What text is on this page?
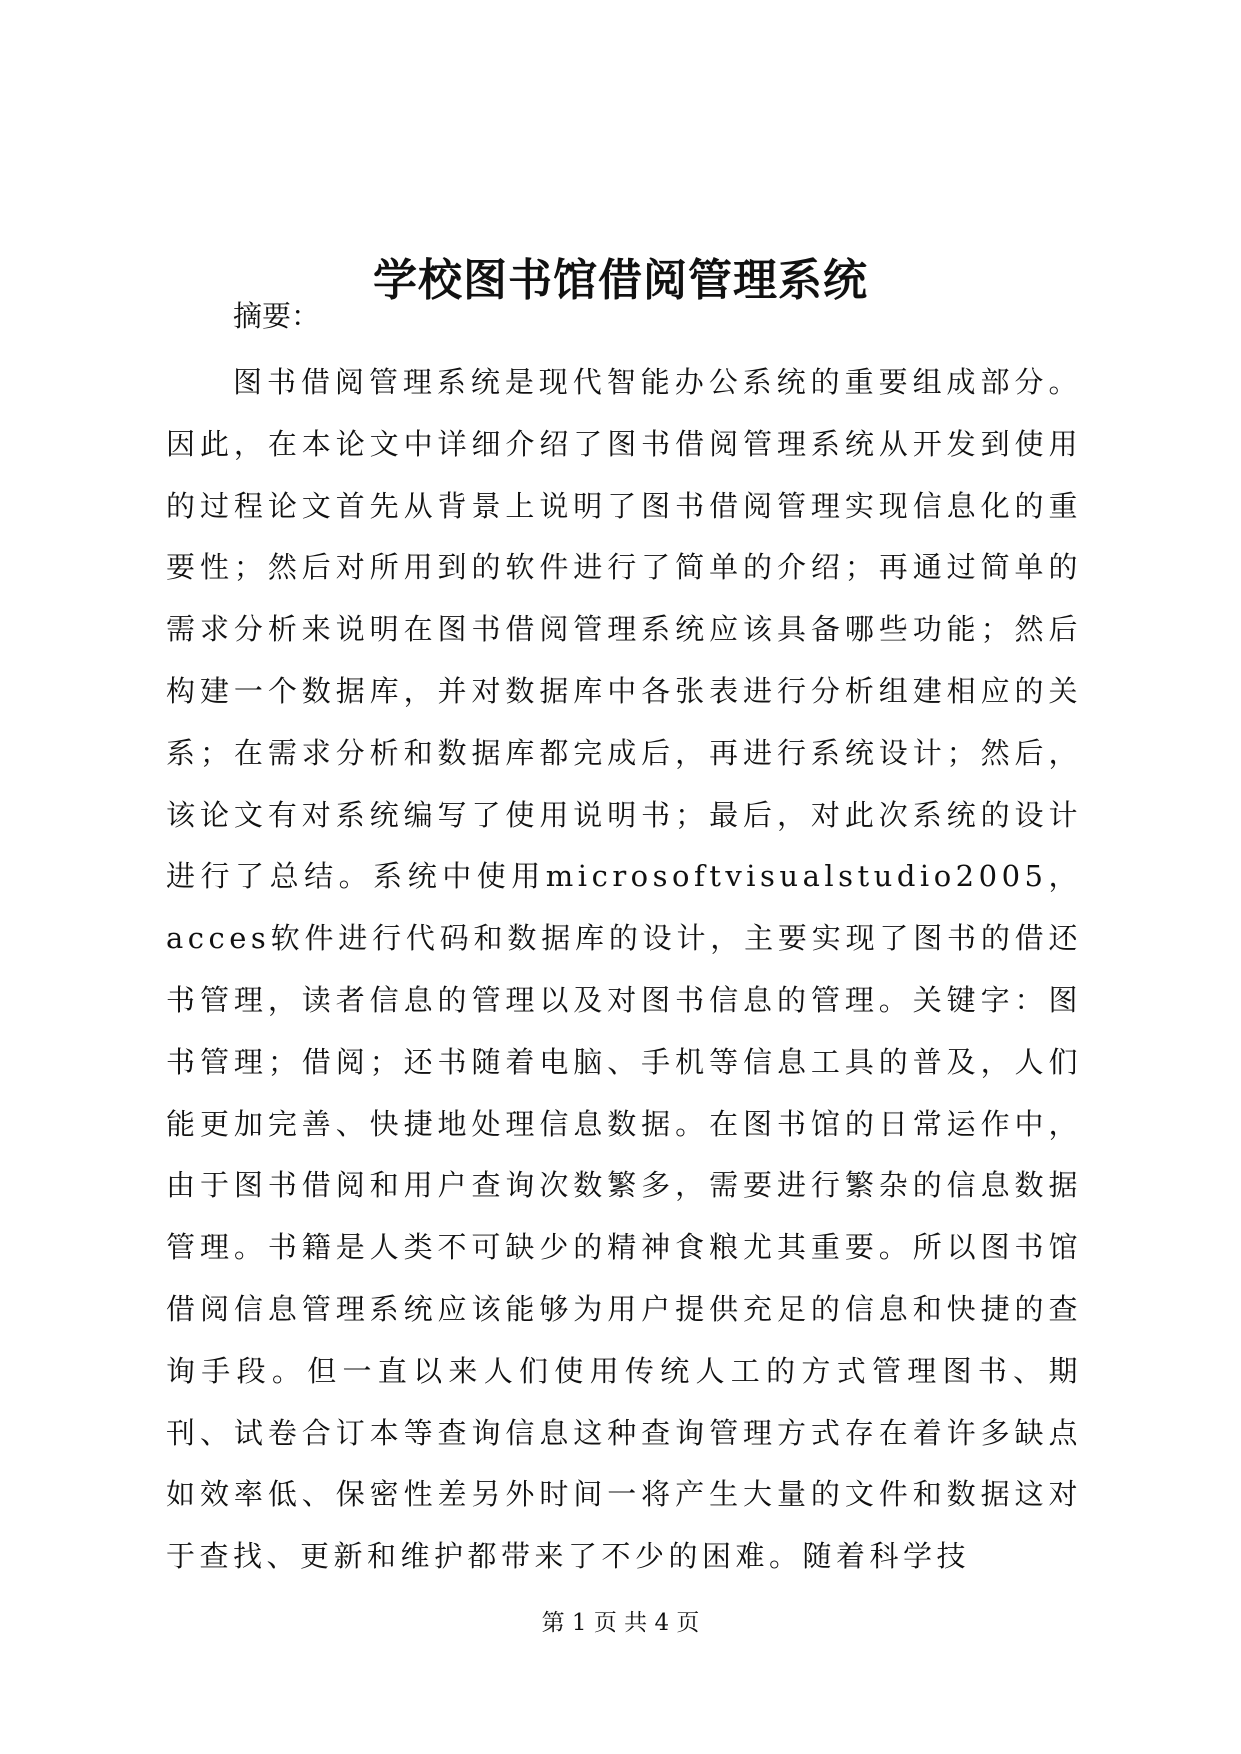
学校图书馆借阅管理系统
摘要：

图书借阅管理系统是现代智能办公系统的重要组成部分。因此，在本论文中详细介绍了图书借阅管理系统从开发到使用的过程论文首先从背景上说明了图书借阅管理实现信息化的重要性；然后对所用到的软件进行了简单的介绍；再通过简单的需求分析来说明在图书借阅管理系统应该具备哪些功能；然后构建一个数据库，并对数据库中各张表进行分析组建相应的关系；在需求分析和数据库都完成后，再进行系统设计；然后，该论文有对系统编写了使用说明书；最后，对此次系统的设计进行了总结。系统中使用microsoftvisualstudio2005，acces软件进行代码和数据库的设计，主要实现了图书的借还书管理，读者信息的管理以及对图书信息的管理。关键字：图书管理；借阅；还书随着电脑、手机等信息工具的普及，人们能更加完善、快捷地处理信息数据。在图书馆的日常运作中，由于图书借阅和用户查询次数繁多，需要进行繁杂的信息数据管理。书籍是人类不可缺少的精神食粮尤其重要。所以图书馆借阅信息管理系统应该能够为用户提供充足的信息和快捷的查询手段。但一直以来人们使用传统人工的方式管理图书、期刊、试卷合订本等查询信息这种查询管理方式存在着许多缺点如效率低、保密性差另外时间一将产生大量的文件和数据这对于查找、更新和维护都带来了不少的困难。随着科学技

第 1 页 共 4 页
